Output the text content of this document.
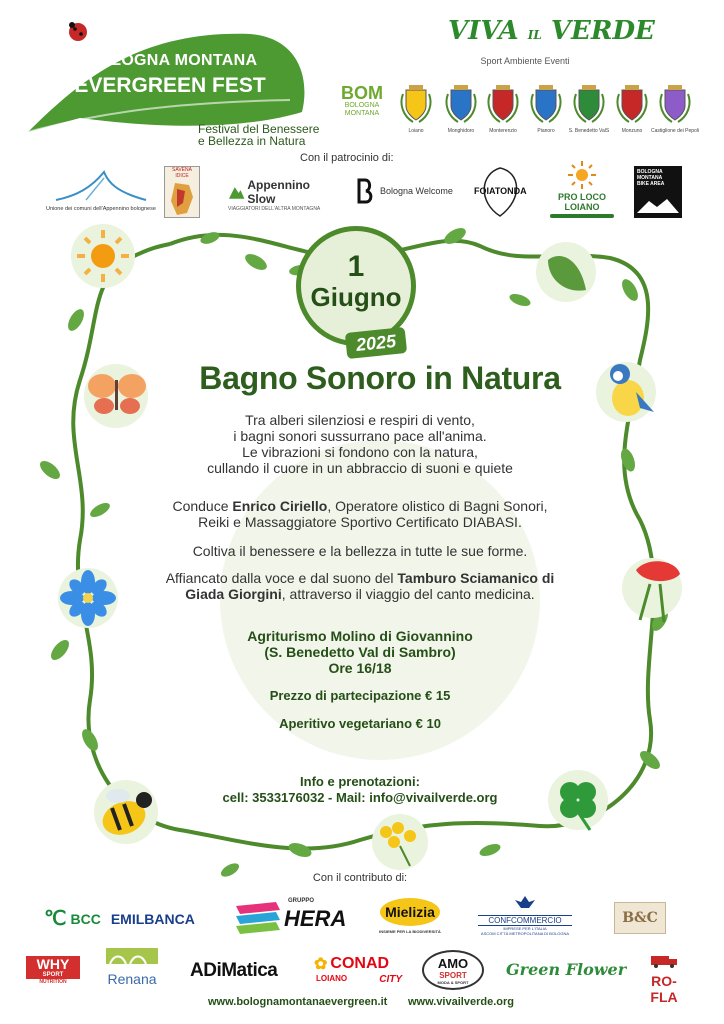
BOLOGNA MONTANA
EVERGREEN FEST
Festival del Benessere
e Bellezza in Natura
VIVA IL VERDE
Sport Ambiente Eventi
BOM
BOLOGNA
MONTANA
Loiano	Monghidoro	Monterenzio	Pianoro	S. Benedetto ValS	Monzuno	Castiglione dei Pepoli
Con il patrocinio di:
Unione dei comuni dell'Appennino bolognese
SAVENA IDICE
Appennino Slow
VIAGGIATORI DELL'ALTRA MONTAGNA
Bologna Welcome FOIATONDA
PRO LOCO LOIANO
BOLOGNA MONTANA BIKE AREA
1
Giugno
2025
Bagno Sonoro in Natura
Tra alberi silenziosi e respiri di vento,
i bagni sonori sussurrano pace all'anima.
Le vibrazioni si fondono con la natura,
cullando il cuore in un abbraccio di suoni e quiete
Conduce Enrico Ciriello, Operatore olistico di Bagni Sonori,
Reiki e Massaggiatore Sportivo Certificato DIABASI.
Coltiva il benessere e la bellezza in tutte le sue forme.
Affiancato dalla voce e dal suono del Tamburo Sciamanico di
Giada Giorgini, attraverso il viaggio del canto medicina.
Agriturismo Molino di Giovannino
(S. Benedetto Val di Sambro)
Ore 16/18
Prezzo di partecipazione € 15
Aperitivo vegetariano € 10
Info e prenotazioni:
cell: 3533176032 - Mail: info@vivailverde.org
Con il contributo di:
℃ BCC EMILBANCA
GRUPPO
HERA	Mielizia
INSIEME PER LA BIODIVERSITÀ
CONFCOMMERCIO
IMPRESE PER L'ITALIA
ASCOM CITTÀ METROPOLITANA DI BOLOGNA
B&C
WHY
SPORT
NUTRITION	Renana ADiMatica ✿ CONAD
LOIANO	CITY
AMO
SPORT
MODA & SPORT
Green Flower
RO-FLA
www.bolognamontanaevergreen.it www.vivailverde.org
